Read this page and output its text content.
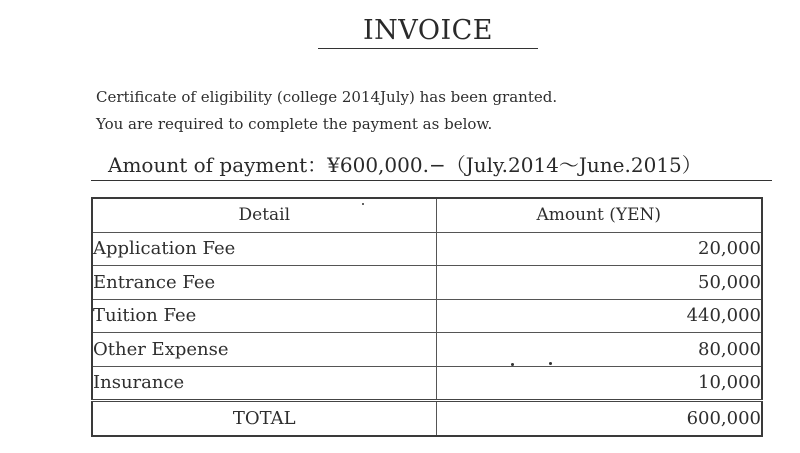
INVOICE
Certificate of eligibility (college 2014July) has been granted.
You are required to complete the payment as below.
Amount of payment：¥600,000.−（July.2014〜June.2015）
Detail	Amount (YEN)
Application Fee	20,000
Entrance Fee	50,000
Tuition Fee	440,000
Other Expense	80,000
Insurance	10,000
TOTAL	600,000
